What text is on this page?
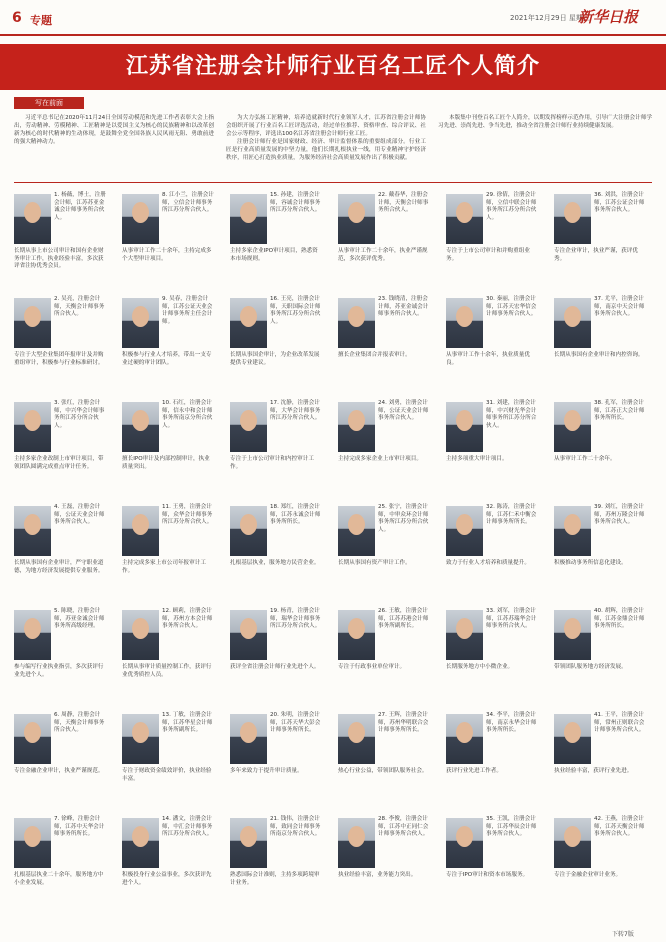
6 专题	2021年12月29日 星期三
新华日报
江苏省注册会计师行业百名工匠个人简介
写在前面

习近平总书记在2020年11月24日全国劳动模范和先进工作者表彰大会上指出，劳动精神、劳模精神、工匠精神是以爱国主义为核心的民族精神和以改革创新为核心的时代精神的生动体现，是鼓舞全党全国各族人民风雨无阻、勇敢前进的强大精神动力。

为大力弘扬工匠精神，培养造就新时代行业领军人才，江苏省注册会计师协会组织开展了行业百名工匠评选活动，经过单位推荐、资格审查、综合评议、社会公示等程序，评选出100名江苏省注册会计师行业工匠。

注册会计师行业是国家财政、经济、审计监督体系的重要组成部分。行业工匠是行业高质量发展的中坚力量，他们长期扎根执业一线，用专业精神守护经济秩序，用匠心打造执业质量，为服务经济社会高质量发展作出了积极贡献。

本版集中刊登百名工匠个人简介，以期发挥榜样示范作用，引导广大注册会计师学习先进、崇尚先进、争当先进，推动全省注册会计师行业持续健康发展。

1. 杨薇，博士，注册会计师，江苏苏亚金诚会计师事务所合伙人。
长期从事上市公司审计和国有企业财务审计工作，执业经验丰富，多次获评省注协优秀会员。
2. 吴亮，注册会计师，天衡会计师事务所合伙人。
专注于大型企业集团年报审计及并购重组审计，积极参与行业标准研讨。
3. 张红，注册会计师，中兴华会计师事务所江苏分所合伙人。
主持多家企业改制上市审计项目，带领团队圆满完成重点审计任务。
4. 王磊，注册会计师，公证天业会计师事务所合伙人。
长期从事国有企业审计，严守职业道德，为地方经济发展提供专业服务。
5. 陈晓，注册会计师，苏亚金诚会计师事务所高级经理。
参与编写行业执业指引，多次获评行业先进个人。
6. 周静，注册会计师，天衡会计师事务所合伙人。
专注金融企业审计，执业严谨规范。
7. 徐峰，注册会计师，江苏中天华会计师事务所所长。
扎根基层执业二十余年，服务地方中小企业发展。
8. 江小兰，注册会计师，立信会计师事务所江苏分所合伙人。
从事审计工作二十余年，主持完成多个大型审计项目。
9. 吴春，注册会计师，江苏公证天业会计师事务所主任会计师。
积极参与行业人才培养，带出一支专业过硬的审计团队。
10. 石红，注册会计师，信永中和会计师事务所南京分所合伙人。
擅长IPO审计及内部控制审计，执业质量突出。
11. 王勇，注册会计师，众华会计师事务所江苏分所合伙人。
主持完成多家上市公司年报审计工作。
12. 顾莉，注册会计师，苏州方本会计师事务所合伙人。
长期从事审计质量控制工作，获评行业优秀质控人员。
13. 丁敏，注册会计师，江苏华星会计师事务所副所长。
专注于财政资金绩效评价，执业经验丰富。
14. 潘文，注册会计师，中汇会计师事务所江苏分所合伙人。
积极投身行业公益事业，多次获评先进个人。
15. 孙建，注册会计师，容诚会计师事务所江苏分所合伙人。
主持多家企业IPO审计项目，熟悉资本市场规则。
16. 王亮，注册会计师，天职国际会计师事务所江苏分所合伙人。
长期从事国企审计，为企业改革发展提供专业建议。
17. 沈静，注册会计师，大华会计师事务所江苏分所合伙人。
专注于上市公司审计和内控审计工作。
18. 郑红，注册会计师，江苏永诚会计师事务所所长。
扎根基层执业，服务地方民营企业。
19. 杨青，注册会计师，瑞华会计师事务所江苏分所合伙人。
获评全省注册会计师行业先进个人。
20. 朱明，注册会计师，江苏天华大彭会计师事务所所长。
多年来致力于提升审计质量。
21. 钱伟，注册会计师，致同会计师事务所南京分所合伙人。
熟悉国际会计准则，主持多项跨境审计业务。
22. 戴春华，注册会计师，天衡会计师事务所合伙人。
从事审计工作二十余年，执业严谨规范，多次获评优秀。
23. 钱晓清，注册会计师，苏亚金诚会计师事务所合伙人。
擅长企业集团合并报表审计。
24. 刘勇，注册会计师，公证天业会计师事务所合伙人。
主持完成多家企业上市审计项目。
25. 张宁，注册会计师，中审众环会计师事务所江苏分所合伙人。
长期从事国有资产审计工作。
26. 王敏，注册会计师，江苏苏港会计师事务所副所长。
专注于行政事业单位审计。
27. 王辉，注册会计师，苏州华明联合会计师事务所所长。
热心行业公益，带领团队服务社会。
28. 李俊，注册会计师，江苏中正同仁会计师事务所合伙人。
执业经验丰富，业务能力突出。
29. 徐倩，注册会计师，立信中联会计师事务所江苏分所合伙人。
专注于上市公司审计和并购重组业务。
30. 秦丽，注册会计师，江苏天宏华信会计师事务所合伙人。
从事审计工作十余年，执业质量优良。
31. 刘建，注册会计师，中兴财光华会计师事务所江苏分所合伙人。
主持多项重大审计项目。
32. 陈涛，注册会计师，江苏仁禾中衡会计师事务所所长。
致力于行业人才培养和质量提升。
33. 刘军，注册会计师，江苏苏瑞华会计师事务所合伙人。
长期服务地方中小微企业。
34. 李平，注册会计师，南京永华会计师事务所所长。
获评行业先进工作者。
35. 王凯，注册会计师，江苏华辰会计师事务所合伙人。
专注于IPO审计和资本市场服务。
36. 刘洪，注册会计师，江苏公证会计师事务所合伙人。
专注企业审计，执业严谨，获评优秀。
37. 尤平，注册会计师，南京中天会计师事务所合伙人。
长期从事国有企业审计和内控咨询。
38. 孔军，注册会计师，江苏正大会计师事务所所长。
从事审计工作二十余年。
39. 刘红，注册会计师，苏州万隆会计师事务所合伙人。
积极推动事务所信息化建设。
40. 胡辉，注册会计师，江苏金鼎会计师事务所所长。
带领团队服务地方经济发展。
41. 王平，注册会计师，常州正则联合会计师事务所合伙人。
执业经验丰富，获评行业先进。
42. 王燕，注册会计师，江苏天衡会计师事务所合伙人。
专注于金融企业审计业务。
下转7版
